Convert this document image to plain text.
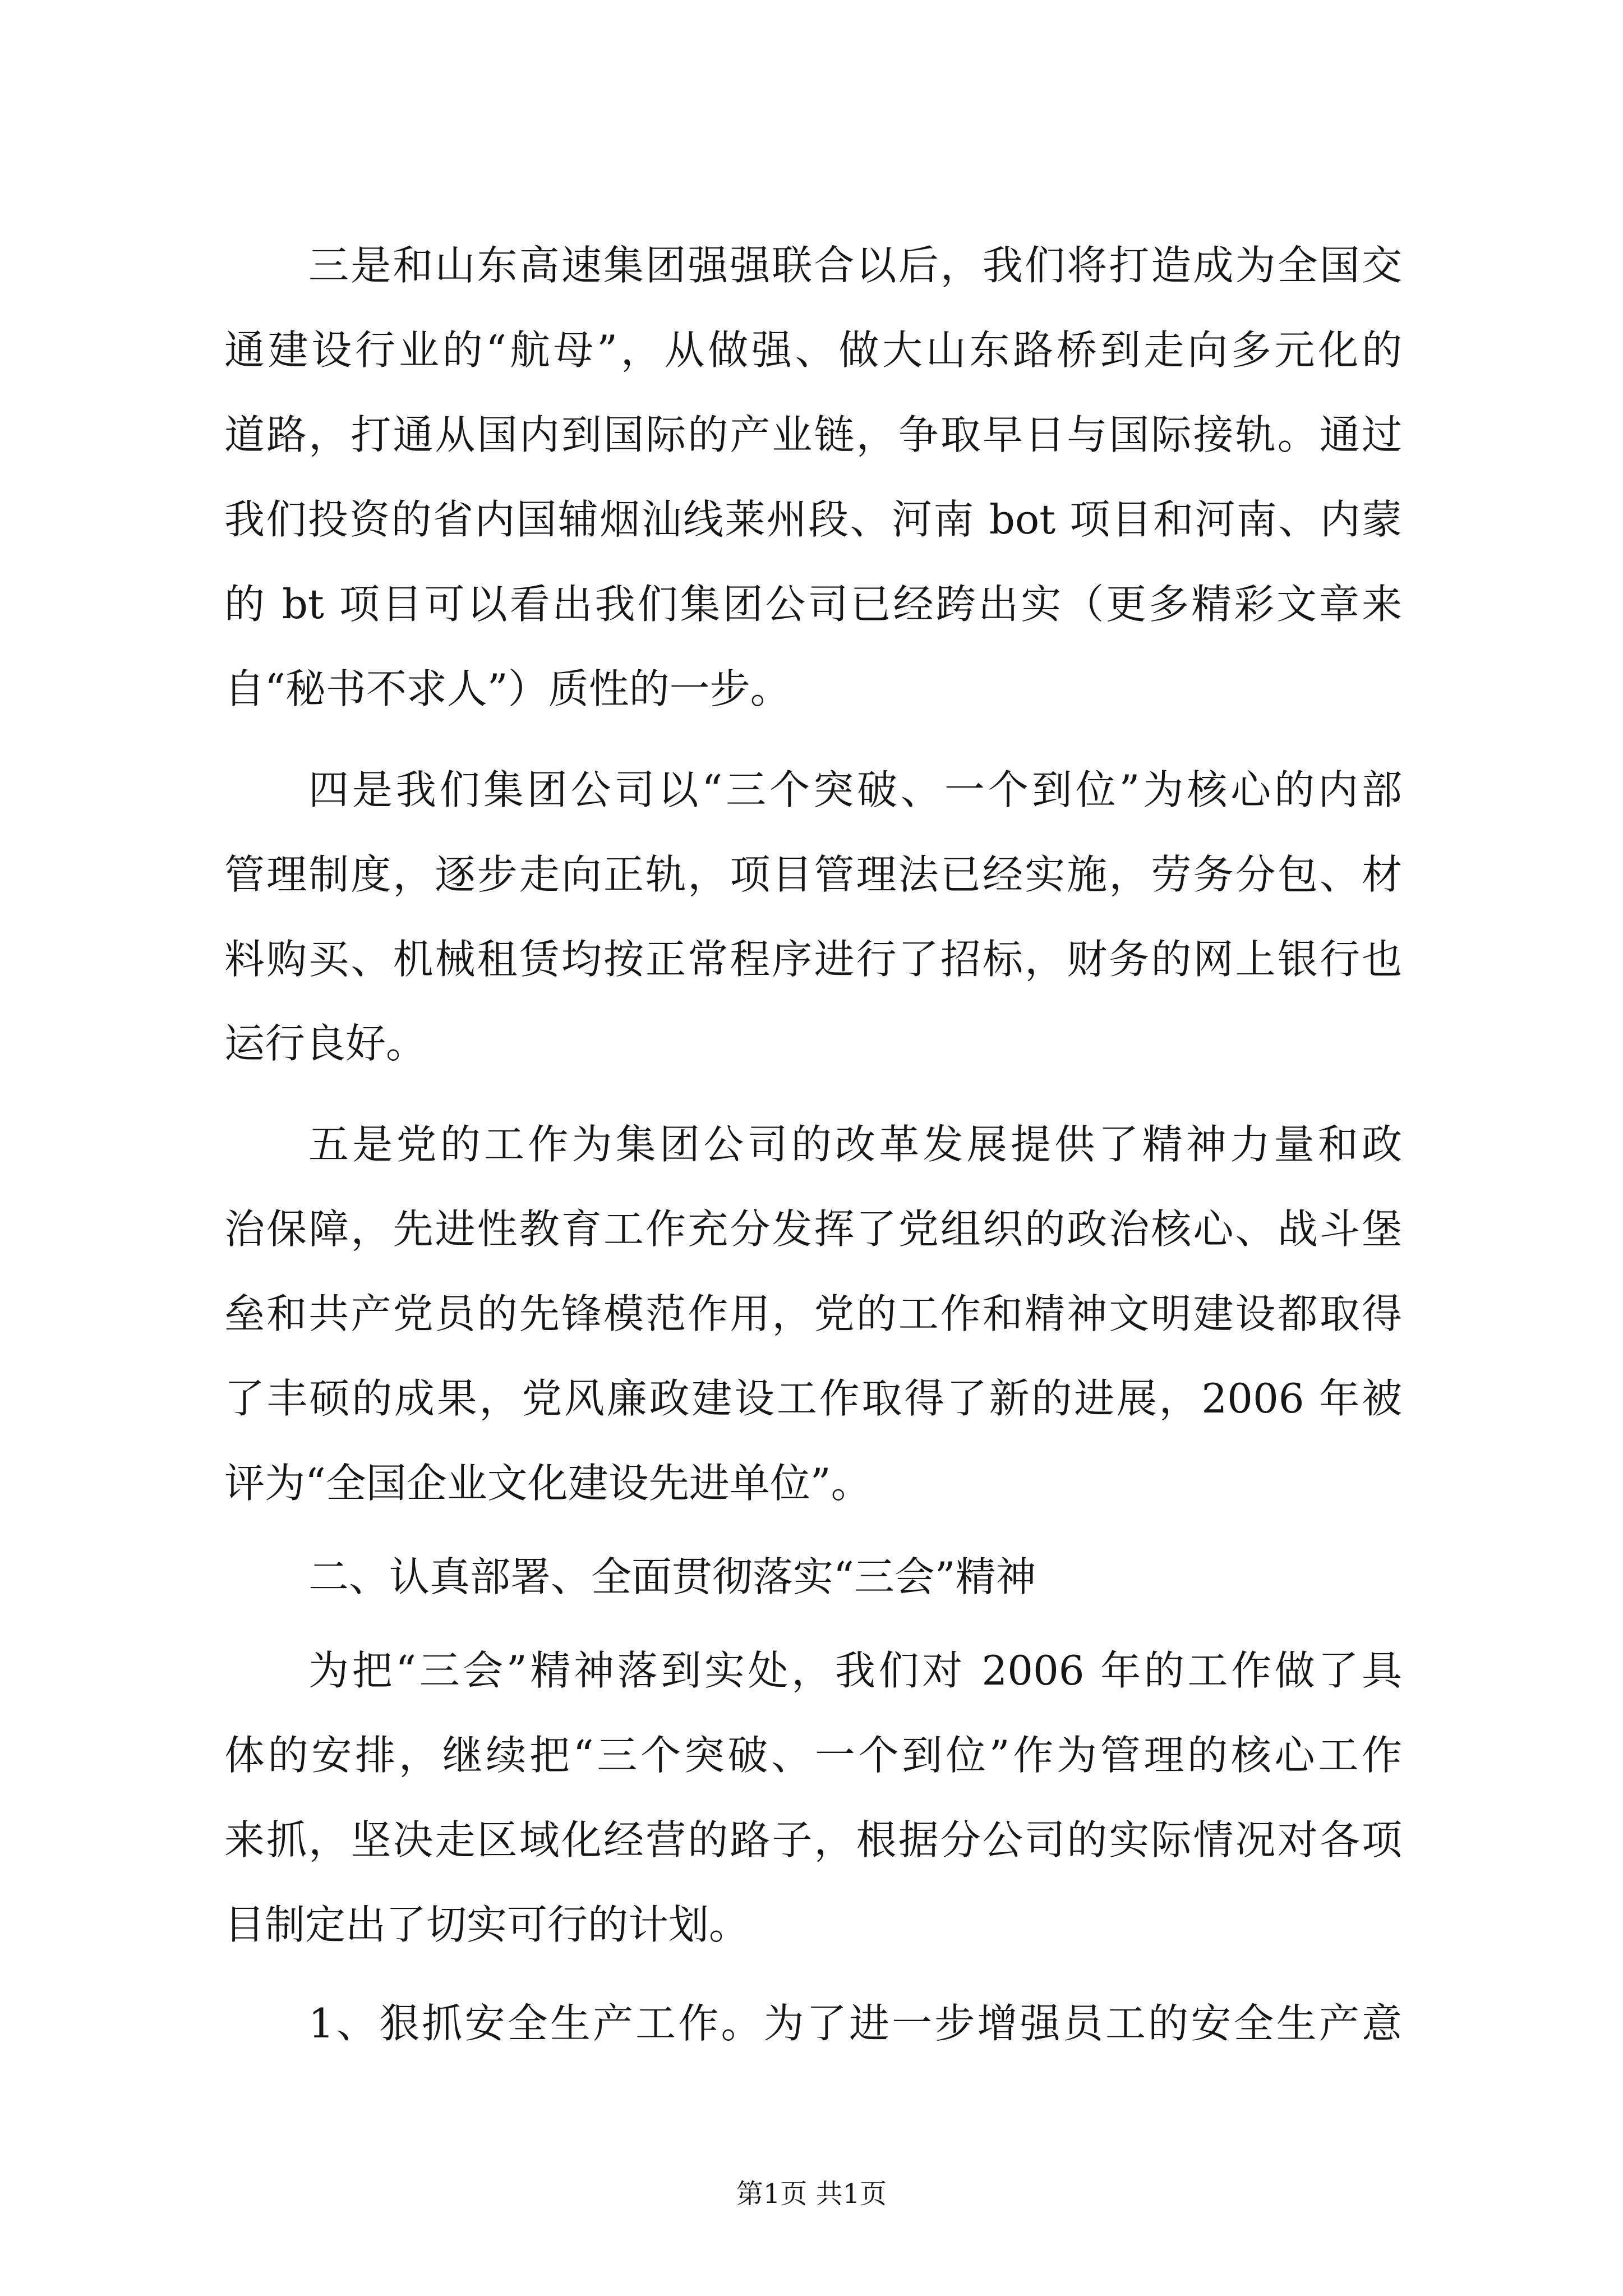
三是和山东高速集团强强联合以后，我们将打造成为全国交
通建设行业的“航母”，从做强、做大山东路桥到走向多元化的
道路，打通从国内到国际的产业链，争取早日与国际接轨。通过
我们投资的省内国辅烟汕线莱州段、河南 bot 项目和河南、内蒙
的 bt 项目可以看出我们集团公司已经跨出实（更多精彩文章来
自“秘书不求人”）质性的一步。
四是我们集团公司以“三个突破、一个到位”为核心的内部
管理制度，逐步走向正轨，项目管理法已经实施，劳务分包、材
料购买、机械租赁均按正常程序进行了招标，财务的网上银行也
运行良好。
五是党的工作为集团公司的改革发展提供了精神力量和政
治保障，先进性教育工作充分发挥了党组织的政治核心、战斗堡
垒和共产党员的先锋模范作用，党的工作和精神文明建设都取得
了丰硕的成果，党风廉政建设工作取得了新的进展，2006 年被
评为“全国企业文化建设先进单位”。
二、认真部署、全面贯彻落实“三会”精神
为把“三会”精神落到实处，我们对 2006 年的工作做了具
体的安排，继续把“三个突破、一个到位”作为管理的核心工作
来抓，坚决走区域化经营的路子，根据分公司的实际情况对各项
目制定出了切实可行的计划。
1、狠抓安全生产工作。为了进一步增强员工的安全生产意
第1页 共1页
